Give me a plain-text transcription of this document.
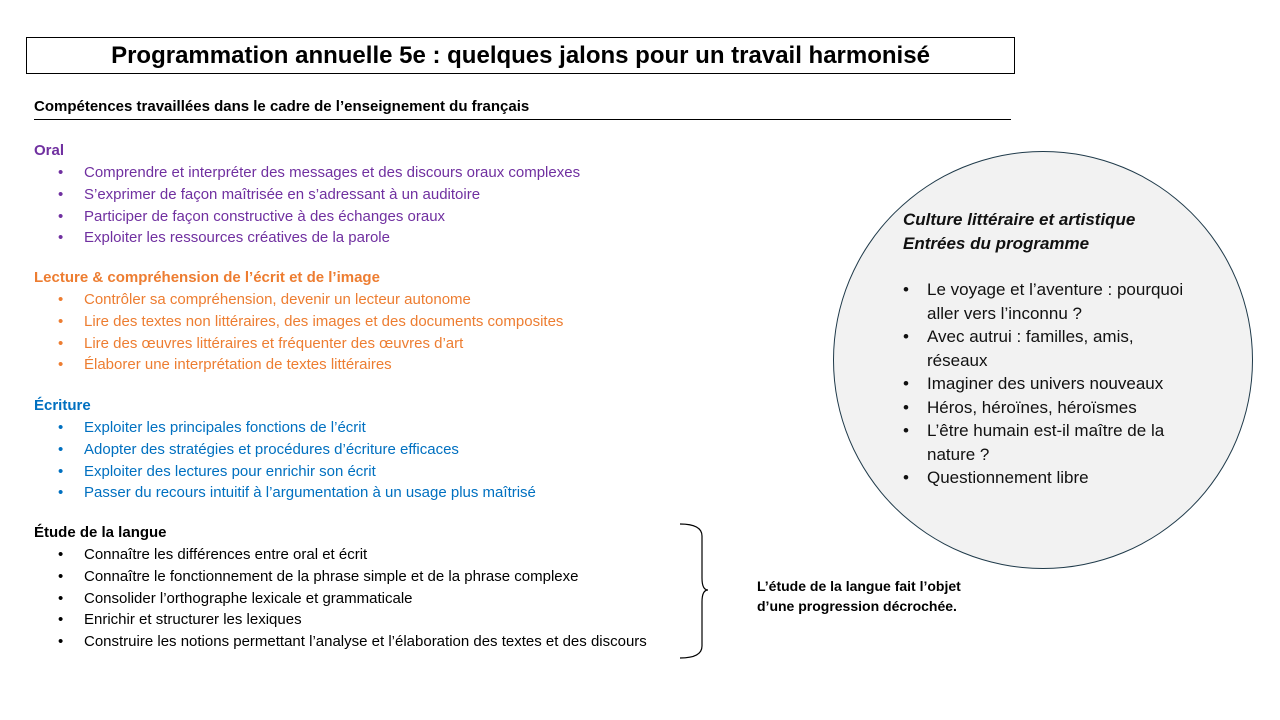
Programmation annuelle 5e : quelques jalons pour un travail harmonisé
Compétences travaillées dans le cadre de l’enseignement du français
Oral
• Comprendre et interpréter des messages et des discours oraux complexes
• S’exprimer de façon maîtrisée en s’adressant à un auditoire
• Participer de façon constructive à des échanges oraux
• Exploiter les ressources créatives de la parole
Lecture & compréhension de l’écrit et de l’image
• Contrôler sa compréhension, devenir un lecteur autonome
• Lire des textes non littéraires, des images et des documents composites
• Lire des œuvres littéraires et fréquenter des œuvres d’art
• Élaborer une interprétation de textes littéraires
Écriture
• Exploiter les principales fonctions de l’écrit
• Adopter des stratégies et procédures d’écriture efficaces
• Exploiter des lectures pour enrichir son écrit
• Passer du recours intuitif à l’argumentation à un usage plus maîtrisé
Étude de la langue
• Connaître les différences entre oral et écrit
• Connaître le fonctionnement de la phrase simple et de la phrase complexe
• Consolider l’orthographe lexicale et grammaticale
• Enrichir et structurer les lexiques
• Construire les notions permettant l’analyse et l’élaboration des textes et des discours
L’étude de la langue fait l’objet
d’une progression décrochée.
Culture littéraire et artistique
Entrées du programme
• Le voyage et l’aventure : pourquoi aller vers l’inconnu ?
• Avec autrui : familles, amis, réseaux
• Imaginer des univers nouveaux
• Héros, héroïnes, héroïsmes
• L’être humain est-il maître de la nature ?
• Questionnement libre
